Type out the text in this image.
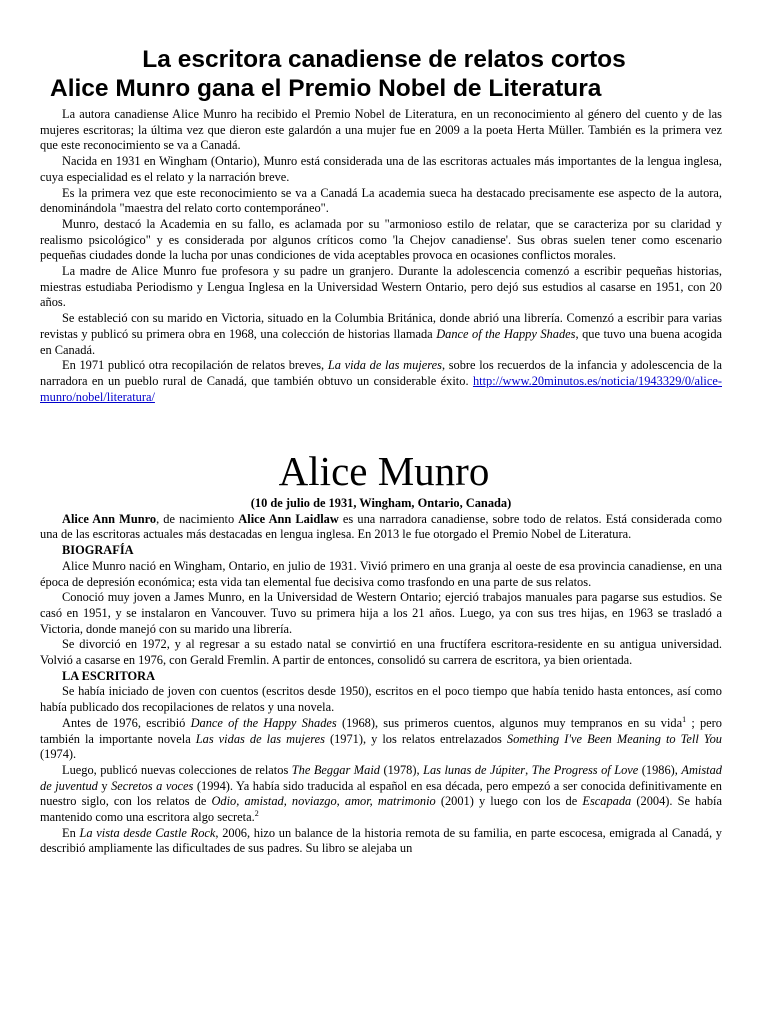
La escritora canadiense de relatos cortos
Alice Munro gana el Premio Nobel de Literatura

La autora canadiense Alice Munro ha recibido el Premio Nobel de Literatura, en un reconocimiento al género del cuento y de las mujeres escritoras; la última vez que dieron este galardón a una mujer fue en 2009 a la poeta Herta Müller. También es la primera vez que este reconocimiento se va a Canadá.

Nacida en 1931 en Wingham (Ontario), Munro está considerada una de las escritoras actuales más importantes de la lengua inglesa, cuya especialidad es el relato y la narración breve.

Es la primera vez que este reconocimiento se va a Canadá La academia sueca ha destacado precisamente ese aspecto de la autora, denominándola "maestra del relato corto contemporáneo".

Munro, destacó la Academia en su fallo, es aclamada por su "armonioso estilo de relatar, que se caracteriza por su claridad y realismo psicológico" y es considerada por algunos críticos como 'la Chejov canadiense'. Sus obras suelen tener como escenario pequeñas ciudades donde la lucha por unas condiciones de vida aceptables provoca en ocasiones conflictos morales.

La madre de Alice Munro fue profesora y su padre un granjero. Durante la adolescencia comenzó a escribir pequeñas historias, miestras estudiaba Periodismo y Lengua Inglesa en la Universidad Western Ontario, pero dejó sus estudios al casarse en 1951, con 20 años.

Se estableció con su marido en Victoria, situado en la Columbia Británica, donde abrió una librería. Comenzó a escribir para varias revistas y publicó su primera obra en 1968, una colección de historias llamada Dance of the Happy Shades, que tuvo una buena acogida en Canadá.

En 1971 publicó otra recopilación de relatos breves, La vida de las mujeres, sobre los recuerdos de la infancia y adolescencia de la narradora en un pueblo rural de Canadá, que también obtuvo un considerable éxito. http://www.20minutos.es/noticia/1943329/0/alice-munro/nobel/literatura/

Alice Munro

(10 de julio de 1931, Wingham, Ontario, Canada)

Alice Ann Munro, de nacimiento Alice Ann Laidlaw es una narradora canadiense, sobre todo de relatos. Está considerada como una de las escritoras actuales más destacadas en lengua inglesa. En 2013 le fue otorgado el Premio Nobel de Literatura.

BIOGRAFÍA

Alice Munro nació en Wingham, Ontario, en julio de 1931. Vivió primero en una granja al oeste de esa provincia canadiense, en una época de depresión económica; esta vida tan elemental fue decisiva como trasfondo en una parte de sus relatos.

Conoció muy joven a James Munro, en la Universidad de Western Ontario; ejerció trabajos manuales para pagarse sus estudios. Se casó en 1951, y se instalaron en Vancouver. Tuvo su primera hija a los 21 años. Luego, ya con sus tres hijas, en 1963 se trasladó a Victoria, donde manejó con su marido una librería.

Se divorció en 1972, y al regresar a su estado natal se convirtió en una fructífera escritora-residente en su antigua universidad. Volvió a casarse en 1976, con Gerald Fremlin. A partir de entonces, consolidó su carrera de escritora, ya bien orientada.

LA ESCRITORA

Se había iniciado de joven con cuentos (escritos desde 1950), escritos en el poco tiempo que había tenido hasta entonces, así como había publicado dos recopilaciones de relatos y una novela.

Antes de 1976, escribió Dance of the Happy Shades (1968), sus primeros cuentos, algunos muy tempranos en su vida$^1$ ; pero también la importante novela Las vidas de las mujeres (1971), y los relatos entrelazados Something I've Been Meaning to Tell You (1974).

Luego, publicó nuevas colecciones de relatos The Beggar Maid (1978), Las lunas de Júpiter, The Progress of Love (1986), Amistad de juventud y Secretos a voces (1994). Ya había sido traducida al español en esa década, pero empezó a ser conocida definitivamente en nuestro siglo, con los relatos de Odio, amistad, noviazgo, amor, matrimonio (2001) y luego con los de Escapada (2004). Se había mantenido como una escritora algo secreta.$^2$

En La vista desde Castle Rock, 2006, hizo un balance de la historia remota de su familia, en parte escocesa, emigrada al Canadá, y describió ampliamente las dificultades de sus padres. Su libro se alejaba un
